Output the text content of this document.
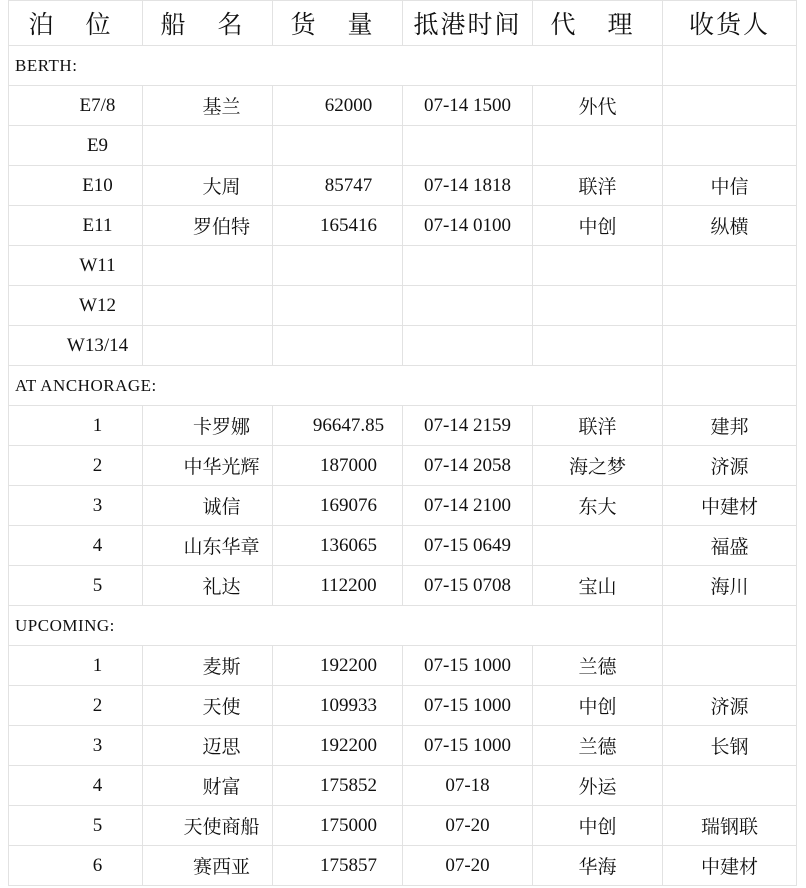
泊 位	船 名	货 量	抵港时间	代 理	收货人
BERTH:					
E7/8	基兰	62000	07-14 1500	外代	
E9					
E10	大周	85747	07-14 1818	联洋	中信
E11	罗伯特	165416	07-14 0100	中创	纵横
W11					
W12					
W13/14					
AT ANCHORAGE:					
1	卡罗娜	96647.85	07-14 2159	联洋	建邦
2	中华光辉	187000	07-14 2058	海之梦	济源
3	诚信	169076	07-14 2100	东大	中建材
4	山东华章	136065	07-15 0649		福盛
5	礼达	112200	07-15 0708	宝山	海川
UPCOMING:					
1	麦斯	192200	07-15 1000	兰德	
2	天使	109933	07-15 1000	中创	济源
3	迈思	192200	07-15 1000	兰德	长钢
4	财富	175852	07-18	外运	
5	天使商船	175000	07-20	中创	瑞钢联
6	赛西亚	175857	07-20	华海	中建材
